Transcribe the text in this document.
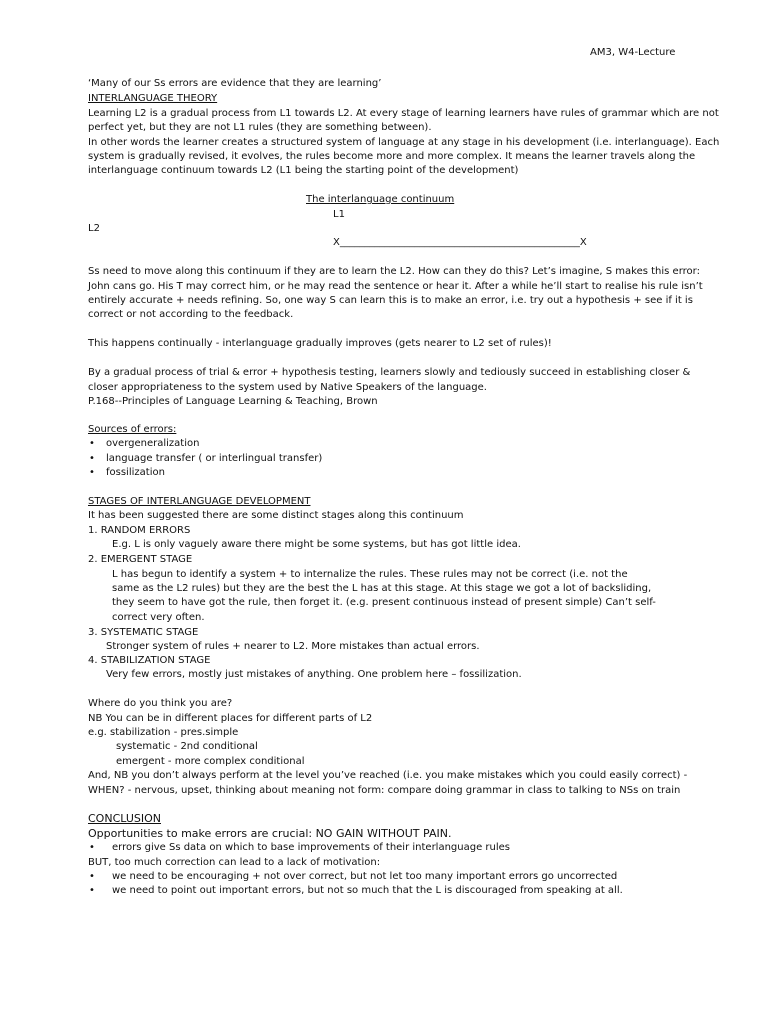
AM3, W4-Lecture
‘Many of our Ss errors are evidence that they are learning’
INTERLANGUAGE THEORY
Learning L2 is a gradual process from L1 towards L2. At every stage of learning learners have rules of grammar which are not
perfect yet, but they are not L1 rules (they are something between).
In other words the learner creates a structured system of language at any stage in his development (i.e. interlanguage). Each
system is gradually revised, it evolves, the rules become more and more complex. It means the learner travels along the
interlanguage continuum towards L2 (L1 being the starting point of the development)
The interlanguage continuum
L1
L2
X________________________________________________X
Ss need to move along this continuum if they are to learn the L2. How can they do this? Let’s imagine, S makes this error:
John cans go. His T may correct him, or he may read the sentence or hear it. After a while he’ll start to realise his rule isn’t
entirely accurate + needs refining. So, one way S can learn this is to make an error, i.e. try out a hypothesis + see if it is
correct or not according to the feedback.
This happens continually - interlanguage gradually improves (gets nearer to L2 set of rules)!
By a gradual process of trial & error + hypothesis testing, learners slowly and tediously succeed in establishing closer &
closer appropriateness to the system used by Native Speakers of the language.
P.168--Principles of Language Learning & Teaching, Brown
Sources of errors:
• overgeneralization
• language transfer ( or interlingual transfer)
• fossilization
STAGES OF INTERLANGUAGE DEVELOPMENT
It has been suggested there are some distinct stages along this continuum
1. RANDOM ERRORS
E.g. L is only vaguely aware there might be some systems, but has got little idea.
2. EMERGENT STAGE
L has begun to identify a system + to internalize the rules. These rules may not be correct (i.e. not the
same as the L2 rules) but they are the best the L has at this stage. At this stage we got a lot of backsliding,
they seem to have got the rule, then forget it. (e.g. present continuous instead of present simple) Can’t self-
correct very often.
3. SYSTEMATIC STAGE
Stronger system of rules + nearer to L2. More mistakes than actual errors.
4. STABILIZATION STAGE
Very few errors, mostly just mistakes of anything. One problem here – fossilization.
Where do you think you are?
NB You can be in different places for different parts of L2
e.g. stabilization - pres.simple
systematic - 2nd conditional
emergent - more complex conditional
And, NB you don’t always perform at the level you’ve reached (i.e. you make mistakes which you could easily correct) -
WHEN? - nervous, upset, thinking about meaning not form: compare doing grammar in class to talking to NSs on train
CONCLUSION
Opportunities to make errors are crucial: NO GAIN WITHOUT PAIN.
• errors give Ss data on which to base improvements of their interlanguage rules
BUT, too much correction can lead to a lack of motivation:
• we need to be encouraging + not over correct, but not let too many important errors go uncorrected
• we need to point out important errors, but not so much that the L is discouraged from speaking at all.
